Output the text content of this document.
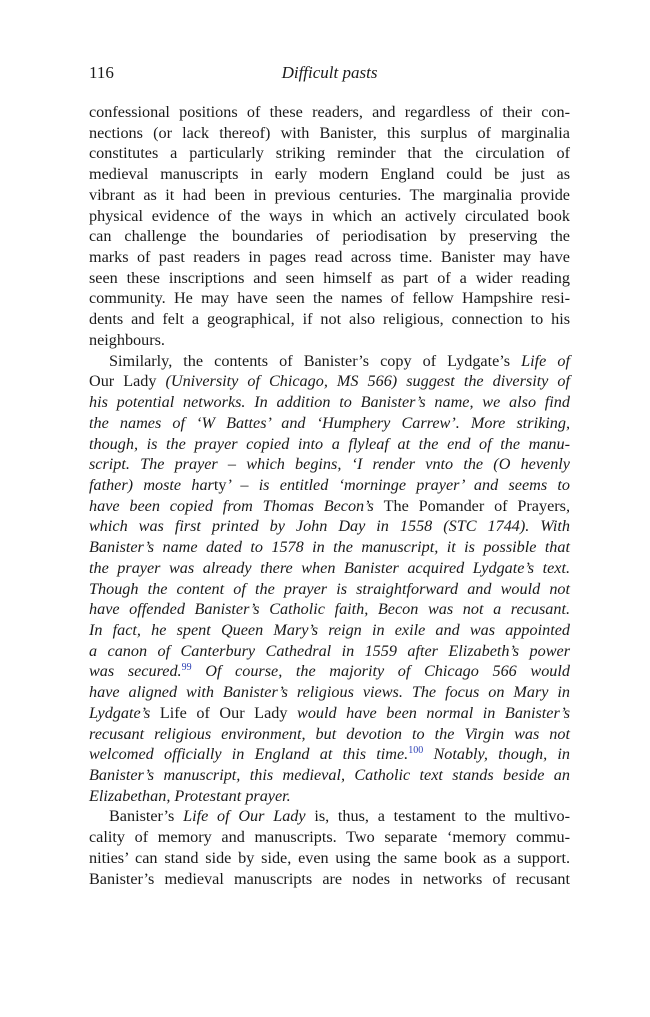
116	Difficult pasts
confessional positions of these readers, and regardless of their con-
nections (or lack thereof) with Banister, this surplus of marginalia
constitutes a particularly striking reminder that the circulation of
medieval manuscripts in early modern England could be just as
vibrant as it had been in previous centuries. The marginalia provide
physical evidence of the ways in which an actively circulated book
can challenge the boundaries of periodisation by preserving the
marks of past readers in pages read across time. Banister may have
seen these inscriptions and seen himself as part of a wider reading
community. He may have seen the names of fellow Hampshire resi-
dents and felt a geographical, if not also religious, connection to his
neighbours.
Similarly, the contents of Banister’s copy of Lydgate’s Life of
Our Lady (University of Chicago, MS 566) suggest the diversity of
his potential networks. In addition to Banister’s name, we also find
the names of ‘W Battes’ and ‘Humphery Carrew’. More striking,
though, is the prayer copied into a flyleaf at the end of the manu-
script. The prayer – which begins, ‘I render vnto the (O hevenly
father) moste harty’ – is entitled ‘morninge prayer’ and seems to
have been copied from Thomas Becon’s The Pomander of Prayers,
which was first printed by John Day in 1558 (STC 1744). With
Banister’s name dated to 1578 in the manuscript, it is possible that
the prayer was already there when Banister acquired Lydgate’s text.
Though the content of the prayer is straightforward and would not
have offended Banister’s Catholic faith, Becon was not a recusant.
In fact, he spent Queen Mary’s reign in exile and was appointed
a canon of Canterbury Cathedral in 1559 after Elizabeth’s power
was secured.$^{99}$ Of course, the majority of Chicago 566 would
have aligned with Banister’s religious views. The focus on Mary in
Lydgate’s Life of Our Lady would have been normal in Banister’s
recusant religious environment, but devotion to the Virgin was not
welcomed officially in England at this time.$^{100}$ Notably, though, in
Banister’s manuscript, this medieval, Catholic text stands beside an
Elizabethan, Protestant prayer.
Banister’s Life of Our Lady is, thus, a testament to the multivo-
cality of memory and manuscripts. Two separate ‘memory commu-
nities’ can stand side by side, even using the same book as a support.
Banister’s medieval manuscripts are nodes in networks of recusant
